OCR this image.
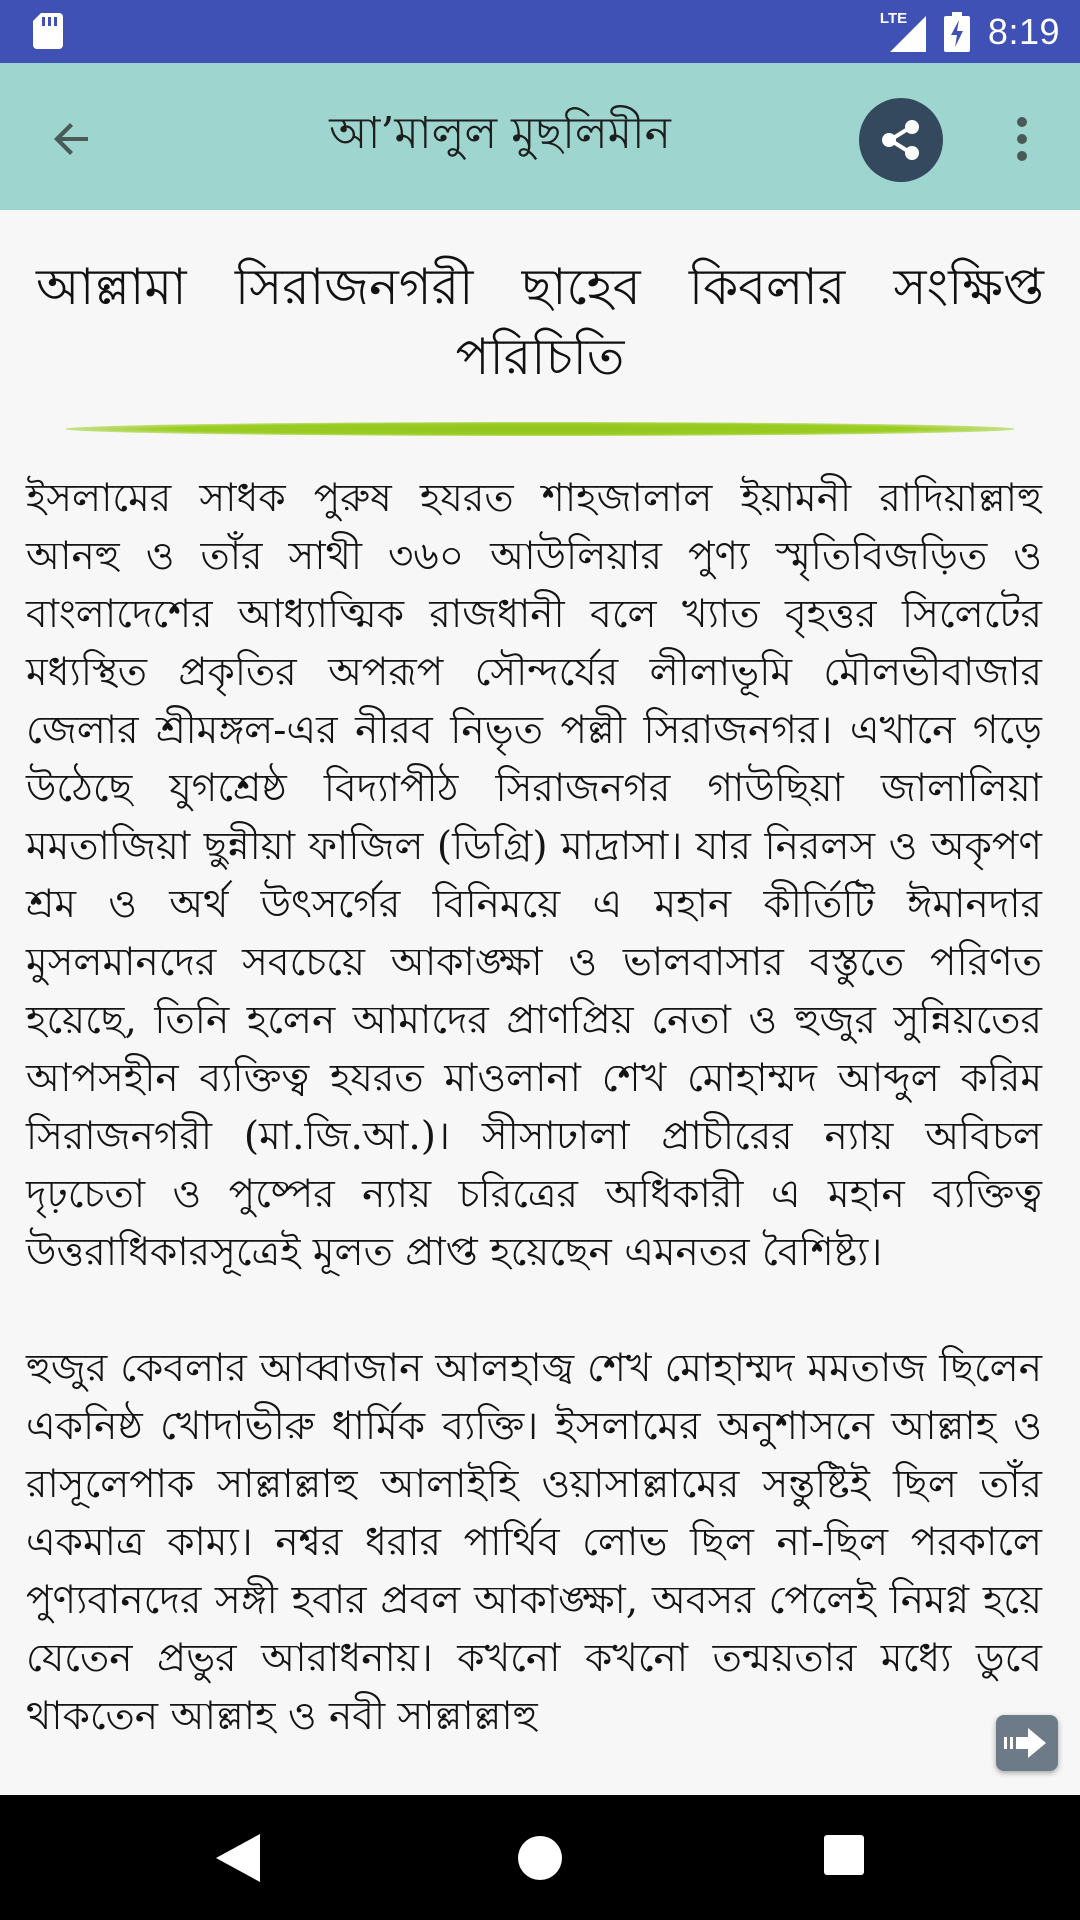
LTE 8:19
আ’মালুল মুছলিমীন
আল্লামা সিরাজনগরী ছাহেব কিবলার সংক্ষিপ্ত পরিচিতি

ইসলামের সাধক পুরুষ হযরত শাহজালাল ইয়ামনী রাদিয়াল্লাহু আনহু ও তাঁর সাথী ৩৬০ আউলিয়ার পুণ্য স্মৃতিবিজড়িত ও বাংলাদেশের আধ্যাত্মিক রাজধানী বলে খ্যাত বৃহত্তর সিলেটের মধ্যস্থিত প্রকৃতির অপরূপ সৌন্দর্যের লীলাভূমি মৌলভীবাজার জেলার শ্রীমঙ্গল-এর নীরব নিভৃত পল্লী সিরাজনগর। এখানে গড়ে উঠেছে যুগশ্রেষ্ঠ বিদ্যাপীঠ সিরাজনগর গাউছিয়া জালালিয়া মমতাজিয়া ছুন্নীয়া ফাজিল (ডিগ্রি) মাদ্রাসা। যার নিরলস ও অকৃপণ শ্রম ও অর্থ উৎসর্গের বিনিময়ে এ মহান কীর্তিটি ঈমানদার মুসলমানদের সবচেয়ে আকাঙ্ক্ষা ও ভালবাসার বস্তুতে পরিণত হয়েছে, তিনি হলেন আমাদের প্রাণপ্রিয় নেতা ও হুজুর সুন্নিয়তের আপসহীন ব্যক্তিত্ব হযরত মাওলানা শেখ মোহাম্মদ আব্দুল করিম সিরাজনগরী (মা.জি.আ.)। সীসাঢালা প্রাচীরের ন্যায় অবিচল দৃঢ়চেতা ও পুষ্পের ন্যায় চরিত্রের অধিকারী এ মহান ব্যক্তিত্ব উত্তরাধিকারসূত্রেই মূলত প্রাপ্ত হয়েছেন এমনতর বৈশিষ্ট্য।

হুজুর কেবলার আব্বাজান আলহাজ্ব শেখ মোহাম্মদ মমতাজ ছিলেন একনিষ্ঠ খোদাভীরু ধার্মিক ব্যক্তি। ইসলামের অনুশাসনে আল্লাহ ও রাসূলেপাক সাল্লাল্লাহু আলাইহি ওয়াসাল্লামের সন্তুষ্টিই ছিল তাঁর একমাত্র কাম্য। নশ্বর ধরার পার্থিব লোভ ছিল না-ছিল পরকালে পুণ্যবানদের সঙ্গী হবার প্রবল আকাঙ্ক্ষা, অবসর পেলেই নিমগ্ন হয়ে যেতেন প্রভুর আরাধনায়। কখনো কখনো তন্ময়তার মধ্যে ডুবে থাকতেন আল্লাহ ও নবী সাল্লাল্লাহু
